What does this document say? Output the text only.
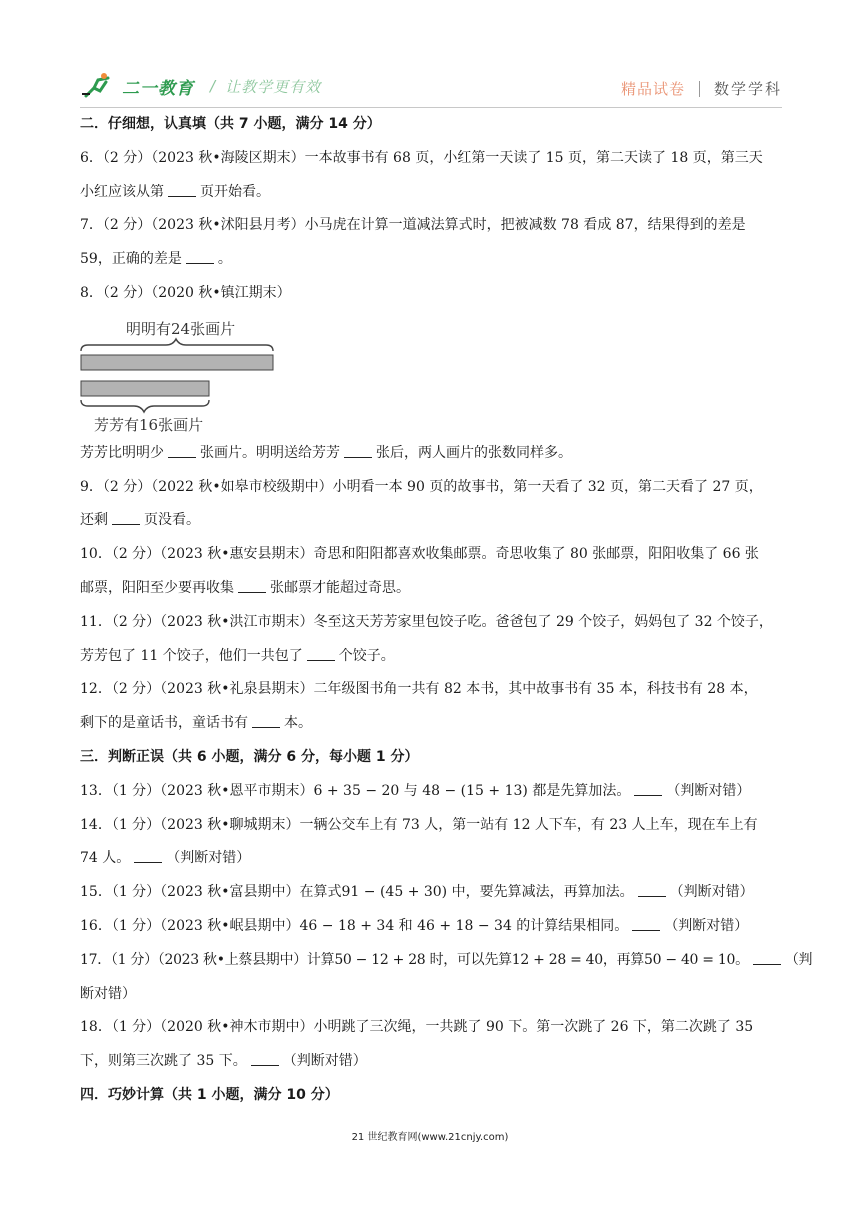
二一教育 / 让教学更有效	精品试卷 数学学科
二．仔细想，认真填（共 7 小题，满分 14 分）
6．（2 分）（2023 秋•海陵区期末）一本故事书有 68 页，小红第一天读了 15 页，第二天读了 18 页，第三天
小红应该从第	页开始看。
7．（2 分）（2023 秋•沭阳县月考）小马虎在计算一道减法算式时，把被减数 78 看成 87，结果得到的差是
59，正确的差是	。
8．（2 分）（2020 秋•镇江期末）
明明有24张画片
芳芳有16张画片
芳芳比明明少	张画片。明明送给芳芳	张后，两人画片的张数同样多。
9．（2 分）（2022 秋•如皋市校级期中）小明看一本 90 页的故事书，第一天看了 32 页，第二天看了 27 页，
还剩	页没看。
10．（2 分）（2023 秋•惠安县期末）奇思和阳阳都喜欢收集邮票。奇思收集了 80 张邮票，阳阳收集了 66 张
邮票，阳阳至少要再收集	张邮票才能超过奇思。
11．（2 分）（2023 秋•洪江市期末）冬至这天芳芳家里包饺子吃。爸爸包了 29 个饺子，妈妈包了 32 个饺子，
芳芳包了 11 个饺子，他们一共包了	个饺子。
12．（2 分）（2023 秋•礼泉县期末）二年级图书角一共有 82 本书，其中故事书有 35 本，科技书有 28 本，
剩下的是童话书，童话书有	本。
三．判断正误（共 6 小题，满分 6 分，每小题 1 分）
13．（1 分）（2023 秋•恩平市期末）6 + 35 − 20 与 48 − (15 + 13) 都是先算加法。	（判断对错）
14．（1 分）（2023 秋•聊城期末）一辆公交车上有 73 人，第一站有 12 人下车，有 23 人上车，现在车上有
74 人。	（判断对错）
15．（1 分）（2023 秋•富县期中）在算式91 − (45 + 30) 中，要先算减法，再算加法。	（判断对错）
16．（1 分）（2023 秋•岷县期中）46 − 18 + 34 和 46 + 18 − 34 的计算结果相同。	（判断对错）
17．（1 分）（2023 秋•上蔡县期中）计算50 − 12 + 28 时，可以先算12 + 28 = 40，再算50 − 40 = 10。	（判
断对错）
18．（1 分）（2020 秋•神木市期中）小明跳了三次绳，一共跳了 90 下。第一次跳了 26 下，第二次跳了 35
下，则第三次跳了 35 下。	（判断对错）
四．巧妙计算（共 1 小题，满分 10 分）
21 世纪教育网(www.21cnjy.com)
